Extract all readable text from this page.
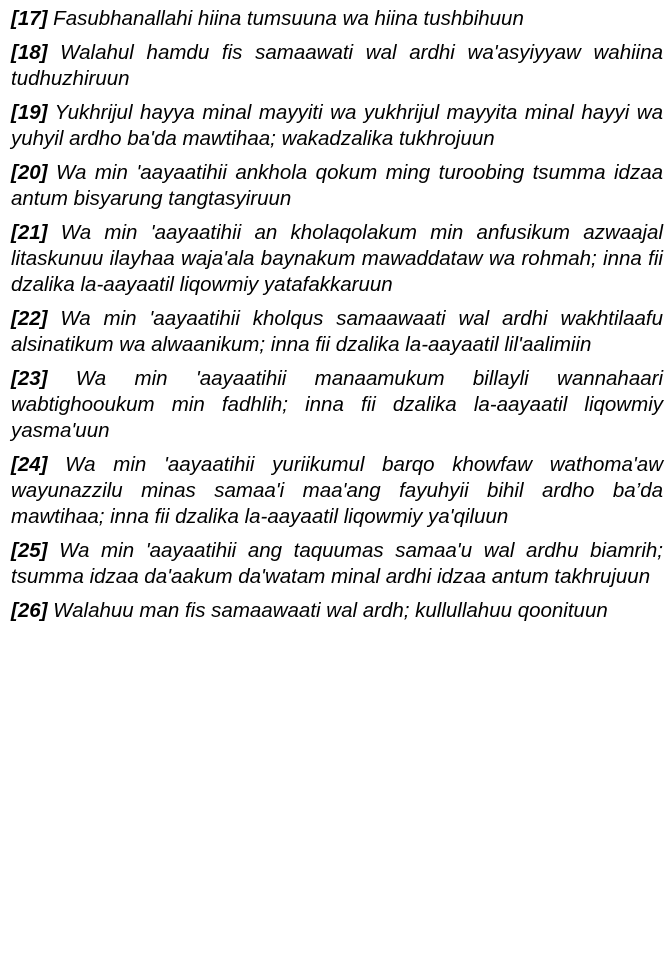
[17] Fasubhanallahi hiina tumsuuna wa hiina tushbihuun

[18] Walahul hamdu fis samaawati wal ardhi wa'asyiyyaw wahiina tudhuzhiruun

[19] Yukhrijul hayya minal mayyiti wa yukhrijul mayyita minal hayyi wa yuhyil ardho ba'da mawtihaa; wakadzalika tukhrojuun

[20] Wa min 'aayaatihii ankhola qokum ming turoobing tsumma idzaa antum bisyarung tangtasyiruun

[21] Wa min 'aayaatihii an kholaqolakum min anfusikum azwaajal litaskunuu ilayhaa waja'ala baynakum mawaddataw wa rohmah; inna fii dzalika la-aayaatil liqowmiy yatafakkaruun

[22] Wa min 'aayaatihii kholqus samaawaati wal ardhi wakhtilaafu alsinatikum wa alwaanikum; inna fii dzalika la-aayaatil lil'aalimiin

[23] Wa min 'aayaatihii manaamukum billayli wannahaari wabtighooukum min fadhlih; inna fii dzalika la-aayaatil liqowmiy yasma'uun

[24] Wa min 'aayaatihii yuriikumul barqo khowfaw wathoma'aw wayunazzilu minas samaa'i maa'ang fayuhyii bihil ardho ba’da mawtihaa; inna fii dzalika la-aayaatil liqowmiy ya'qiluun

[25] Wa min 'aayaatihii ang taquumas samaa'u wal ardhu biamrih; tsumma idzaa da'aakum da'watam minal ardhi idzaa antum takhrujuun

[26] Walahuu man fis samaawaati wal ardh; kullullahuu qoonituun
